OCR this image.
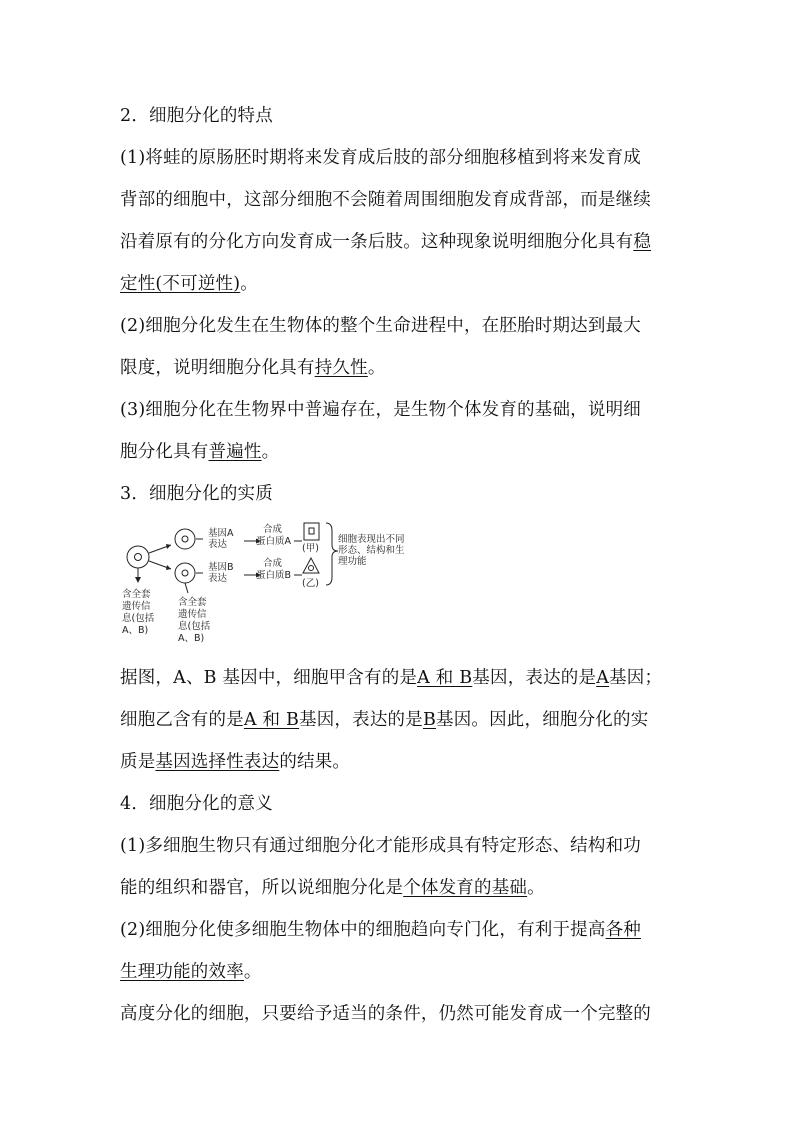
2．细胞分化的特点
(1)将蛙的原肠胚时期将来发育成后肢的部分细胞移植到将来发育成
背部的细胞中，这部分细胞不会随着周围细胞发育成背部，而是继续
沿着原有的分化方向发育成一条后肢。这种现象说明细胞分化具有稳
定性(不可逆性)。
(2)细胞分化发生在生物体的整个生命进程中，在胚胎时期达到最大
限度，说明细胞分化具有持久性。
(3)细胞分化在生物界中普遍存在，是生物个体发育的基础，说明细
胞分化具有普遍性。
3．细胞分化的实质
基因A
表达
基因B
表达
合成
蛋白质A
合成
蛋白质B
(甲)
(乙)
细胞表现出不同
形态、结构和生
理功能
含全套
遗传信
息(包括
A、B)
含全套
遗传信
息(包括
A、B)
据图，A、B 基因中，细胞甲含有的是A 和 B基因，表达的是A基因；
细胞乙含有的是A 和 B基因，表达的是B基因。因此，细胞分化的实
质是基因选择性表达的结果。
4．细胞分化的意义
(1)多细胞生物只有通过细胞分化才能形成具有特定形态、结构和功
能的组织和器官，所以说细胞分化是个体发育的基础。
(2)细胞分化使多细胞生物体中的细胞趋向专门化，有利于提高各种
生理功能的效率。
高度分化的细胞，只要给予适当的条件，仍然可能发育成一个完整的
